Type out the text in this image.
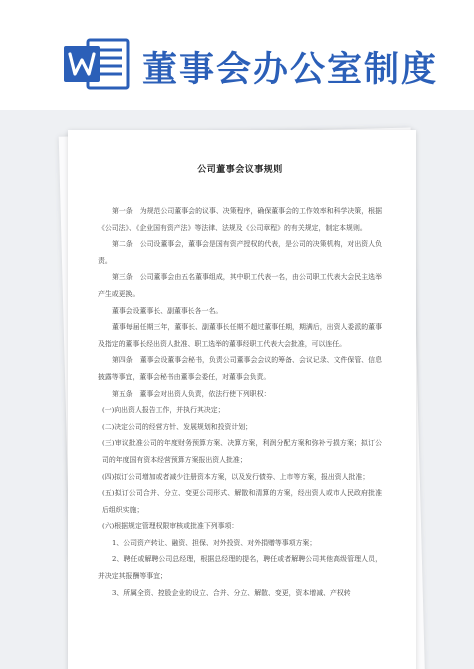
董事会办公室制度
公司董事会议事规则
第一条　为规范公司董事会的议事、决策程序，确保董事会的工作效率和科学决策，根据《公司法》、《企业国有资产法》等法律、法规及《公司章程》的有关规定，制定本规则。
第二条　公司设董事会，董事会是国有资产授权的代表，是公司的决策机构，对出资人负责。
第三条　公司董事会由五名董事组成，其中职工代表一名，由公司职工代表大会民主选举产生或更换。
董事会设董事长、副董事长各一名。
董事每届任期三年，董事长、副董事长任期不超过董事任期，期满后，出资人委派的董事及指定的董事长经出资人批准、职工选举的董事经职工代表大会批准，可以连任。
第四条　董事会设董事会秘书，负责公司董事会会议的筹备、会议记录、文件保管、信息披露等事宜，董事会秘书由董事会委任，对董事会负责。
第五条　董事会对出资人负责，依法行使下列职权：
(一)向出资人报告工作，并执行其决定；
(二)决定公司的经营方针、发展规划和投资计划；
(三)审议批准公司的年度财务预算方案、决算方案，利润分配方案和弥补亏损方案；拟订公司的年度国有资本经营预算方案报出资人批准；
(四)拟订公司增加或者减少注册资本方案，以及发行债券、上市等方案，报出资人批准；
(五)拟订公司合并、分立、变更公司形式、解散和清算的方案，经出资人或市人民政府批准后组织实施；
(六)根据规定管理权限审核或批准下列事项：
1、公司资产转让、融资、担保、对外投资、对外捐赠等事项方案；
2、聘任或解聘公司总经理，根据总经理的提名，聘任或者解聘公司其他高级管理人员，并决定其报酬等事宜；
3、所属全资、控股企业的设立、合并、分立、解散、变更，资本增减、产权转
